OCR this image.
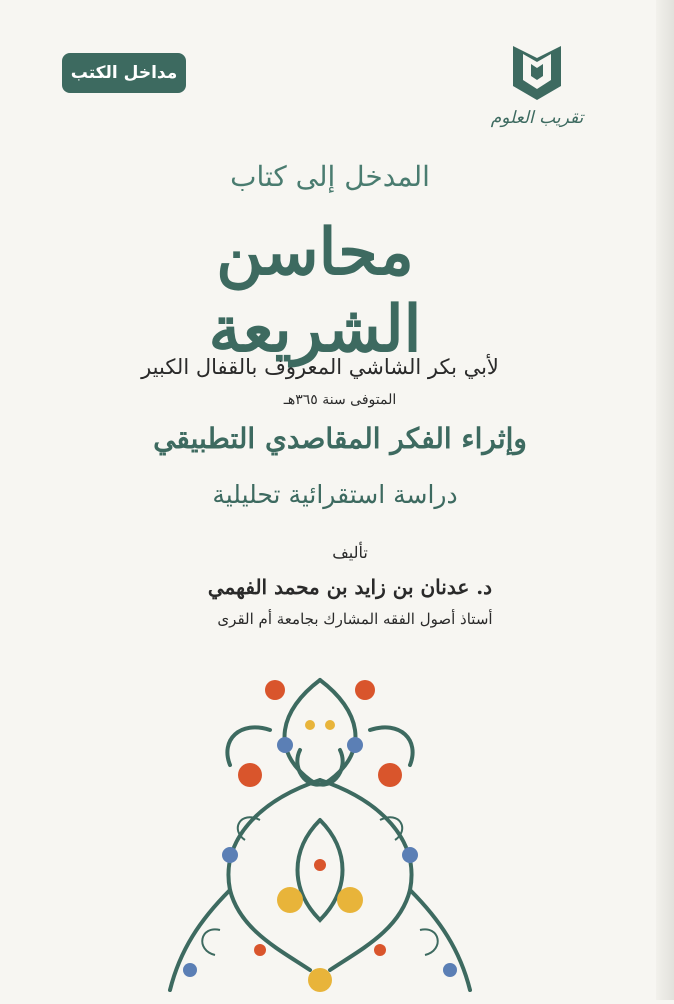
مداخل الكتب
تقريب العلوم
المدخل إلى كتاب
محاسن الشريعة
لأبي بكر الشاشي المعروف بالقفال الكبير
المتوفى سنة ٣٦٥هـ
وإثراء الفكر المقاصدي التطبيقي
دراسة استقرائية تحليلية
تأليف
د. عدنان بن زايد بن محمد الفهمي
أستاذ أصول الفقه المشارك بجامعة أم القرى
